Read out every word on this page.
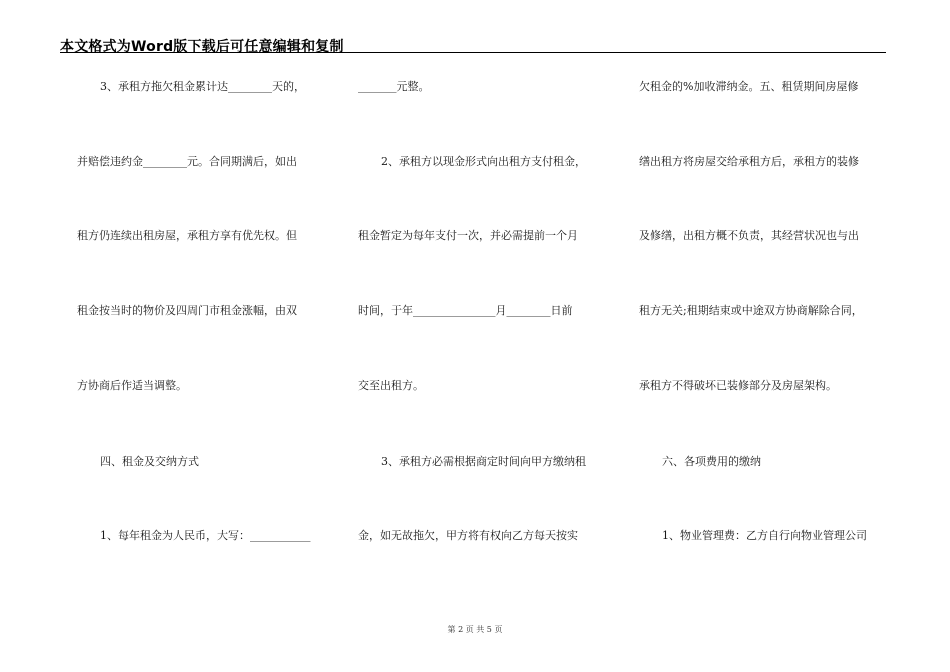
本文格式为Word版下载后可任意编辑和复制
3、承租方拖欠租金累计达________天的，
并赔偿违约金________元。合同期满后，如出
租方仍连续出租房屋，承租方享有优先权。但
租金按当时的物价及四周门市租金涨幅，由双
方协商后作适当调整。
四、租金及交纳方式
1、每年租金为人民币，大写：___________
_______元整。
2、承租方以现金形式向出租方支付租金，
租金暂定为每年支付一次，并必需提前一个月
时间，于年_______________月________日前
交至出租方。
3、承租方必需根据商定时间向甲方缴纳租
金，如无故拖欠，甲方将有权向乙方每天按实
欠租金的%加收滞纳金。五、租赁期间房屋修
缮出租方将房屋交给承租方后，承租方的装修
及修缮，出租方概不负责，其经营状况也与出
租方无关;租期结束或中途双方协商解除合同，
承租方不得破坏已装修部分及房屋架构。
六、各项费用的缴纳
1、物业管理费：乙方自行向物业管理公司
第 2 页 共 5 页
